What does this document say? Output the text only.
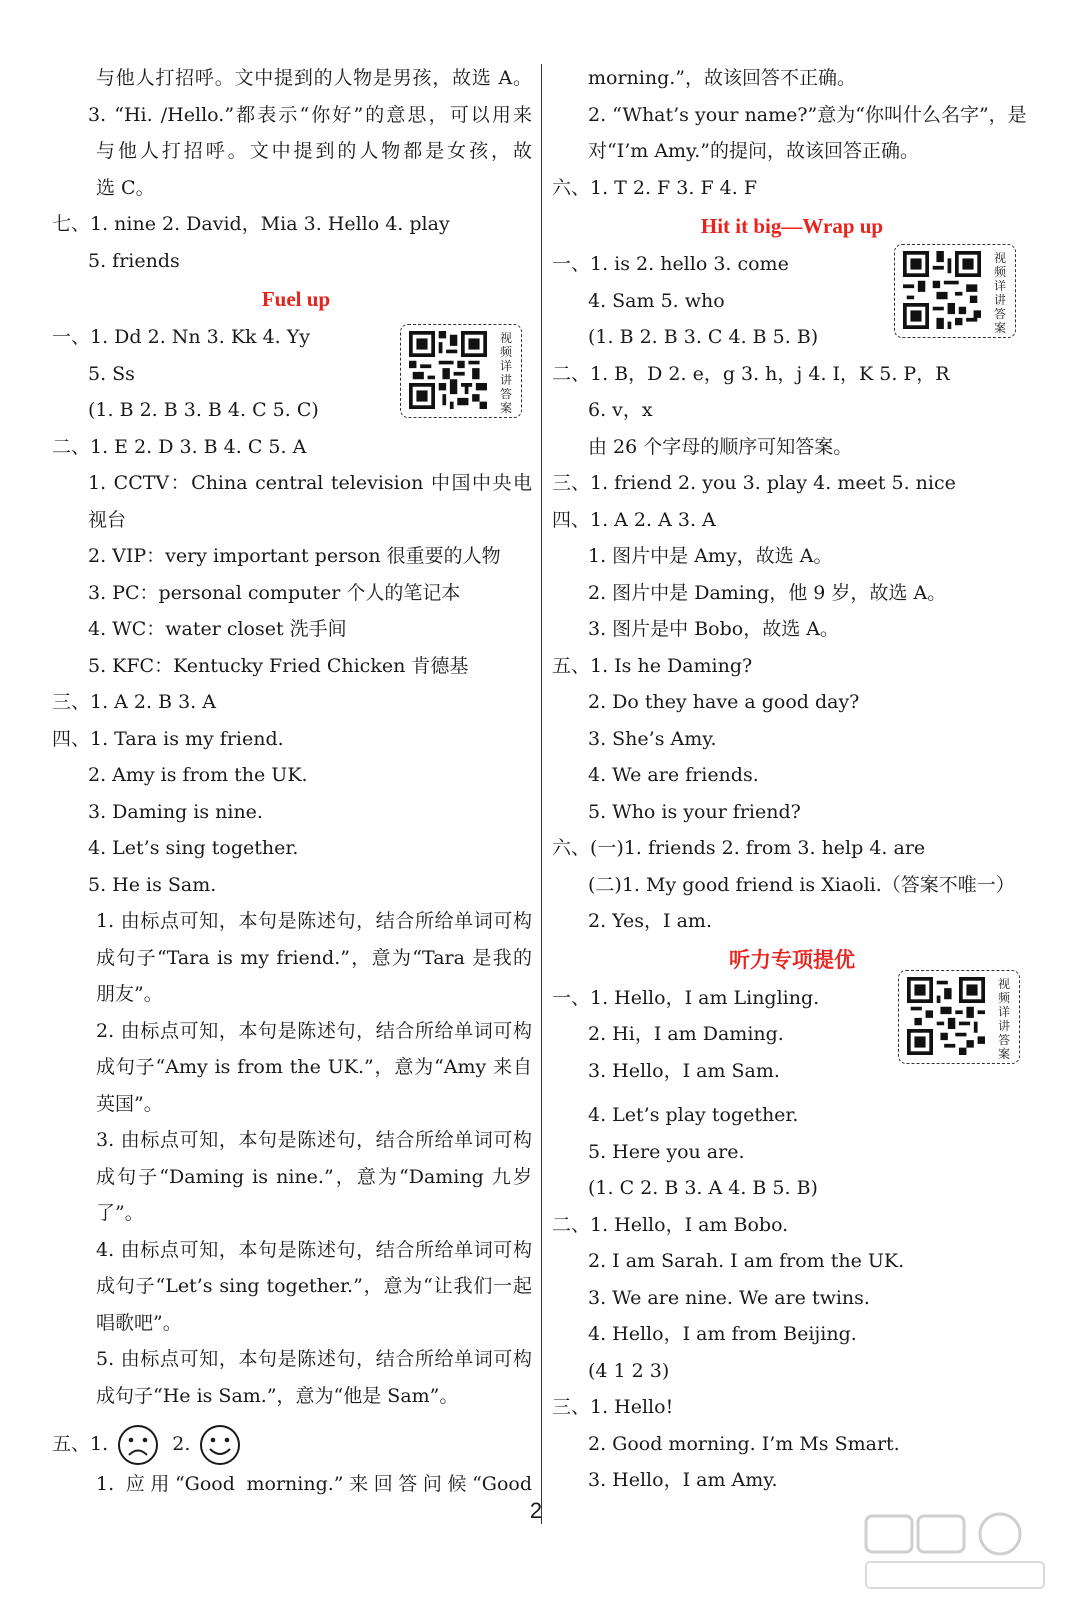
与他人打招呼。文中提到的人物是男孩，故选 A。
3. “Hi. /Hello.”都表示“你好”的意思，可以用来
与他人打招呼。文中提到的人物都是女孩，故
选 C。
七、1. nine 2. David，Mia 3. Hello 4. play
5. friends
Fuel up
一、1. Dd 2. Nn 3. Kk 4. Yy
5. Ss
(1. B 2. B 3. B 4. C 5. C)
二、1. E 2. D 3. B 4. C 5. A
1. CCTV：China central television 中国中央电
视台
2. VIP：very important person 很重要的人物
3. PC：personal computer 个人的笔记本
4. WC：water closet 洗手间
5. KFC：Kentucky Fried Chicken 肯德基
三、1. A 2. B 3. A
四、1. Tara is my friend.
2. Amy is from the UK.
3. Daming is nine.
4. Let’s sing together.
5. He is Sam.
1. 由标点可知，本句是陈述句，结合所给单词可构
成句子“Tara is my friend.”，意为“Tara 是我的
朋友”。
2. 由标点可知，本句是陈述句，结合所给单词可构
成句子“Amy is from the UK.”，意为“Amy 来自
英国”。
3. 由标点可知，本句是陈述句，结合所给单词可构
成句子“Daming is nine.”，意为“Daming 九岁
了”。
4. 由标点可知，本句是陈述句，结合所给单词可构
成句子“Let’s sing together.”，意为“让我们一起
唱歌吧”。
5. 由标点可知，本句是陈述句，结合所给单词可构
成句子“He is Sam.”，意为“他是 Sam”。
五、1.	2.
1. 应用“Good morning.”来回答问候“Good
视频详讲答案
morning.”，故该回答不正确。
2. “What’s your name?”意为“你叫什么名字”，是
对“I’m Amy.”的提问，故该回答正确。
六、1. T 2. F 3. F 4. F
Hit it big—Wrap up
一、1. is 2. hello 3. come
4. Sam 5. who
(1. B 2. B 3. C 4. B 5. B)
二、1. B，D 2. e，g 3. h，j 4. I，K 5. P，R
6. v，x
由 26 个字母的顺序可知答案。
三、1. friend 2. you 3. play 4. meet 5. nice
四、1. A 2. A 3. A
1. 图片中是 Amy，故选 A。
2. 图片中是 Daming，他 9 岁，故选 A。
3. 图片是中 Bobo，故选 A。
五、1. Is he Daming?
2. Do they have a good day?
3. She’s Amy.
4. We are friends.
5. Who is your friend?
六、(一)1. friends 2. from 3. help 4. are
(二)1. My good friend is Xiaoli.（答案不唯一）
2. Yes，I am.
听力专项提优
一、1. Hello，I am Lingling.
2. Hi，I am Daming.
3. Hello，I am Sam.
4. Let’s play together.
5. Here you are.
(1. C 2. B 3. A 4. B 5. B)
二、1. Hello，I am Bobo.
2. I am Sarah. I am from the UK.
3. We are nine. We are twins.
4. Hello，I am from Beijing.
(4 1 2 3)
三、1. Hello!
2. Good morning. I’m Ms Smart.
3. Hello，I am Amy.
视频详讲答案
视频详讲答案
2
